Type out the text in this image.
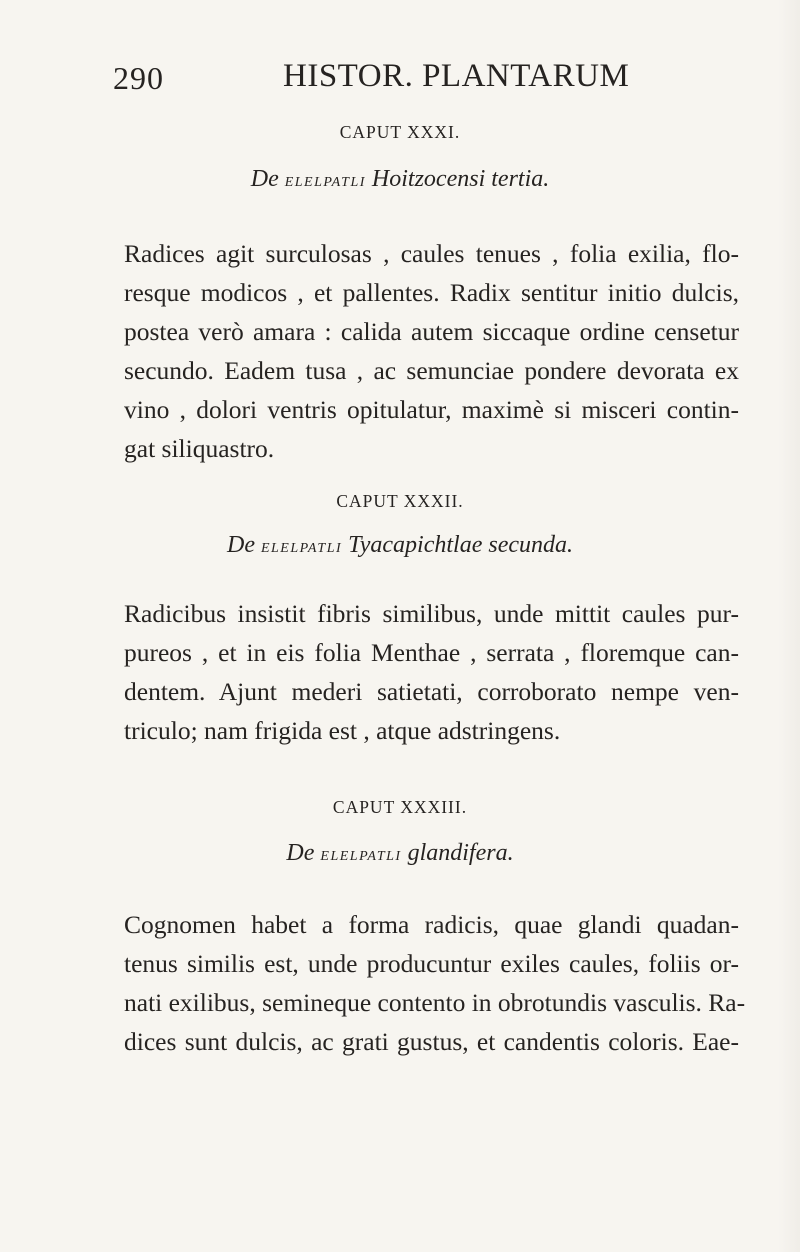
290	HISTOR. PLANTARUM
CAPUT XXXI.
De elelpatli Hoitzocensi tertia.
Radices agit surculosas , caules tenues , folia exilia, flo-
resque modicos , et pallentes. Radix sentitur initio dulcis,
postea verò amara : calida autem siccaque ordine censetur
secundo. Eadem tusa , ac semunciae pondere devorata ex
vino , dolori ventris opitulatur, maximè si misceri contin-
gat siliquastro.
CAPUT XXXII.
De elelpatli Tyacapichtlae secunda.
Radicibus insistit fibris similibus, unde mittit caules pur-
pureos , et in eis folia Menthae , serrata , floremque can-
dentem. Ajunt mederi satietati, corroborato nempe ven-
triculo; nam frigida est , atque adstringens.
CAPUT XXXIII.
De elelpatli glandifera.
Cognomen habet a forma radicis, quae glandi quadan-
tenus similis est, unde producuntur exiles caules, foliis or-
nati exilibus, semineque contento in obrotundis vasculis. Ra-
dices sunt dulcis, ac grati gustus, et candentis coloris. Eae-
